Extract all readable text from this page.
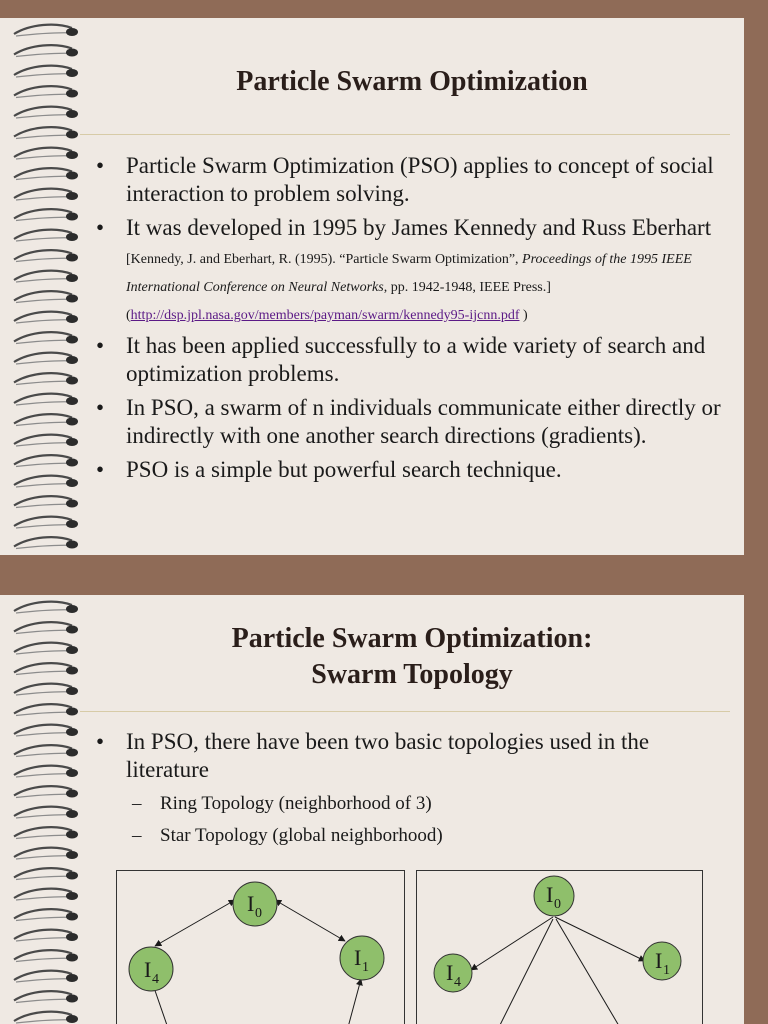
Particle Swarm Optimization
• Particle Swarm Optimization (PSO) applies to concept of social interaction to problem solving.
• It was developed in 1995 by James Kennedy and Russ Eberhart [Kennedy, J. and Eberhart, R. (1995). “Particle Swarm Optimization”, Proceedings of the 1995 IEEE International Conference on Neural Networks, pp. 1942-1948, IEEE Press.]
(http://dsp.jpl.nasa.gov/members/payman/swarm/kennedy95-ijcnn.pdf )
• It has been applied successfully to a wide variety of search and optimization problems.
• In PSO, a swarm of n individuals communicate either directly or indirectly with one another search directions (gradients).
• PSO is a simple but powerful search technique.
Particle Swarm Optimization:
Swarm Topology
• In PSO, there have been two basic topologies used in the literature
– Ring Topology (neighborhood of 3)
– Star Topology (global neighborhood)
I 0
I 1
I 4
I 0
I 1
I 4
